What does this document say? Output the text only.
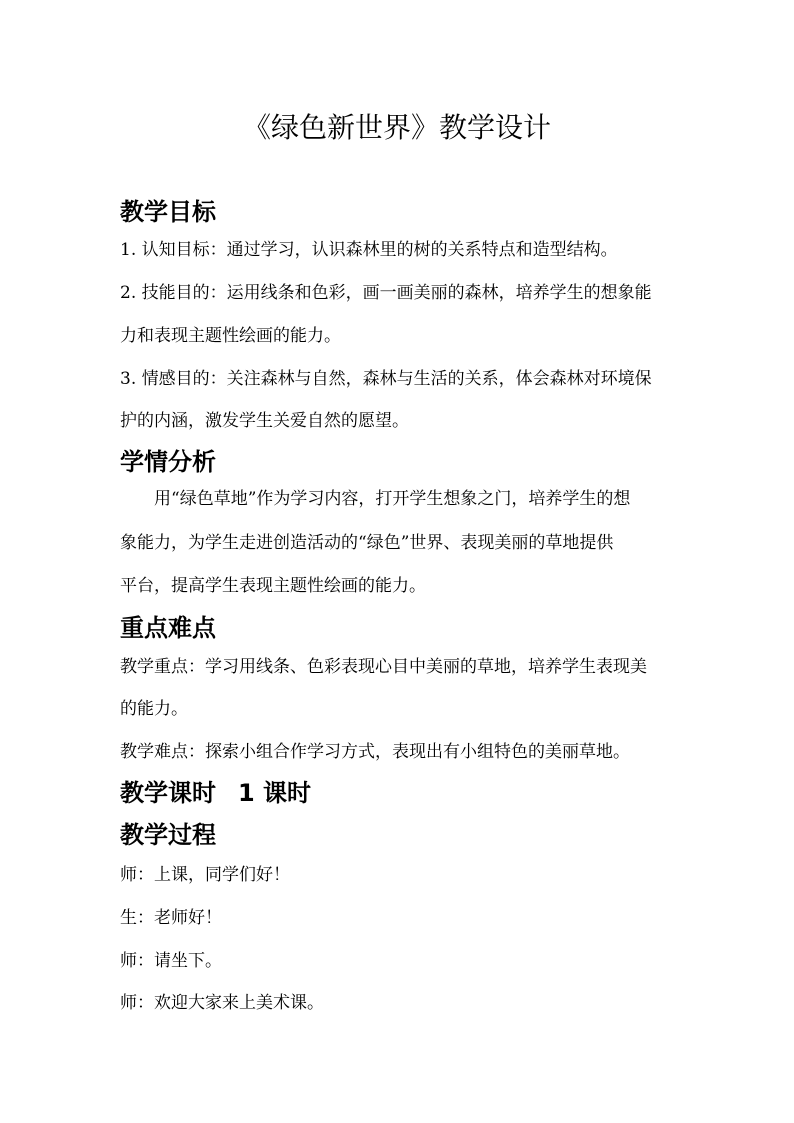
《绿色新世界》教学设计
教学目标

1. 认知目标：通过学习，认识森林里的树的关系特点和造型结构。

2. 技能目的：运用线条和色彩，画一画美丽的森林，培养学生的想象能

力和表现主题性绘画的能力。

3. 情感目的：关注森林与自然，森林与生活的关系，体会森林对环境保

护的内涵，激发学生关爱自然的愿望。

学情分析

用“绿色草地”作为学习内容，打开学生想象之门，培养学生的想

象能力，为学生走进创造活动的“绿色”世界、表现美丽的草地提供

平台，提高学生表现主题性绘画的能力。

重点难点

教学重点：学习用线条、色彩表现心目中美丽的草地，培养学生表现美

的能力。

教学难点：探索小组合作学习方式，表现出有小组特色的美丽草地。

教学课时 1 课时
教学过程

师：上课，同学们好！

生：老师好！

师：请坐下。

师：欢迎大家来上美术课。
